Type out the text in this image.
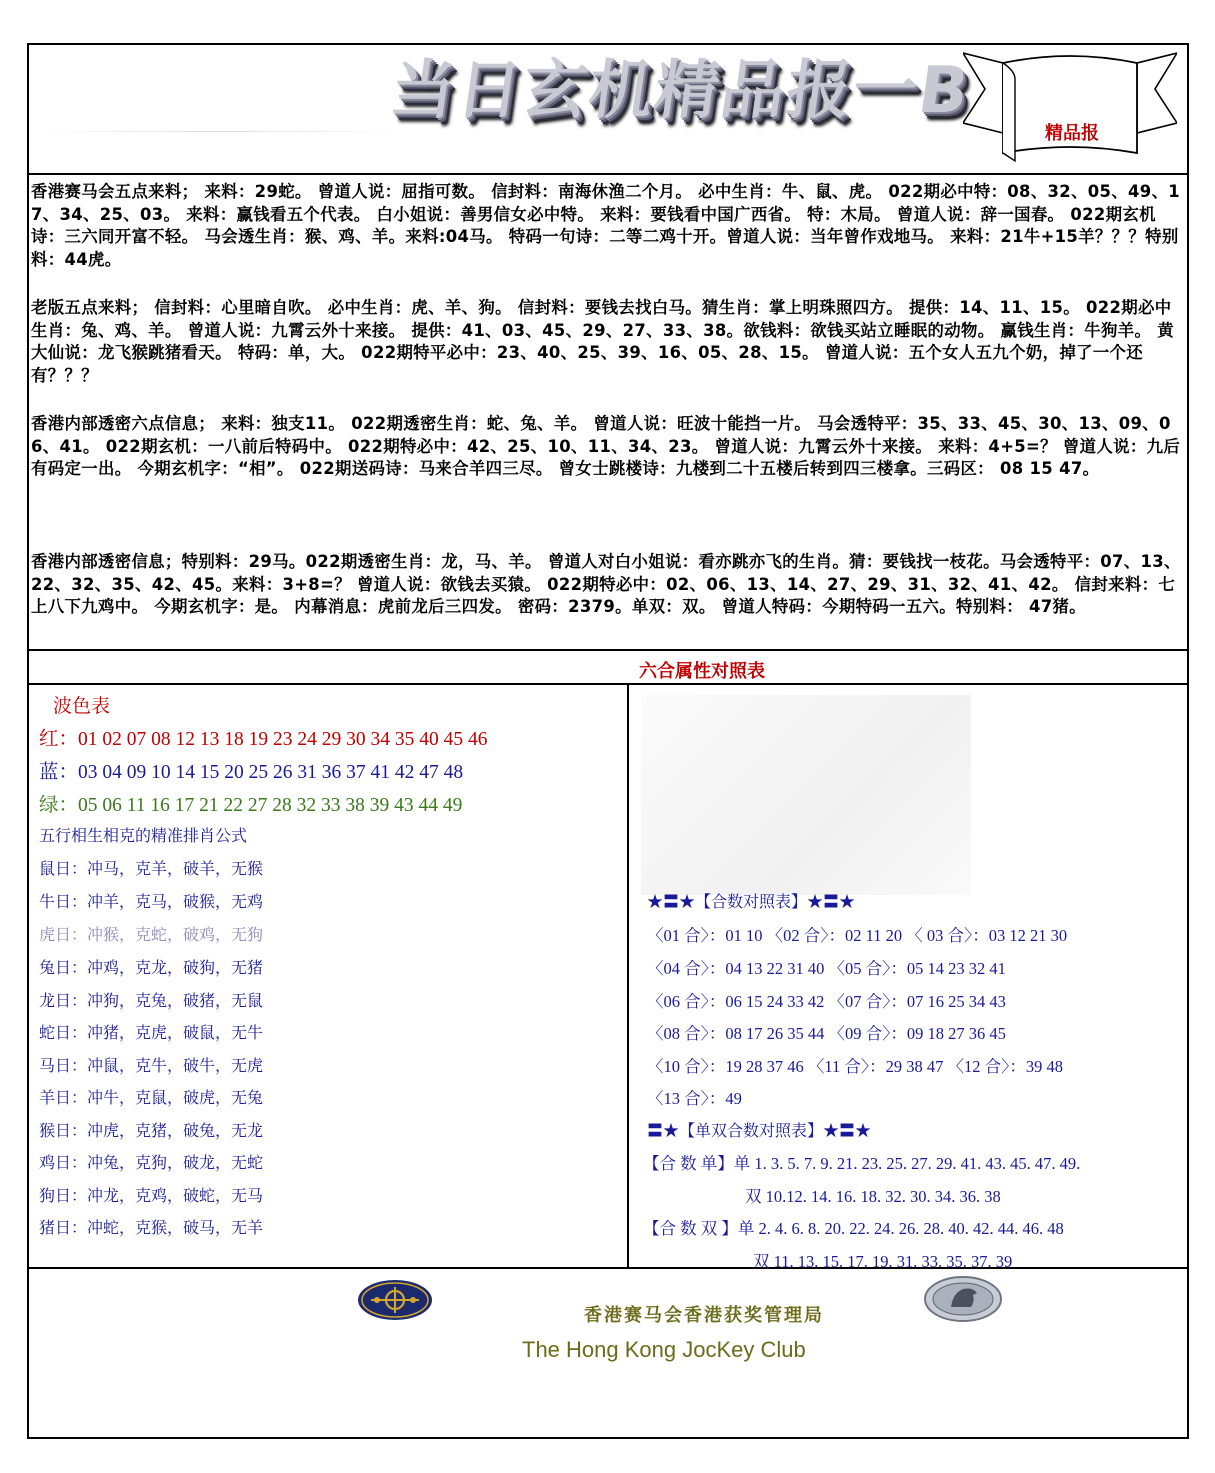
当日玄机精品报一B
精品报

香港赛马会五点来料； 来料：29蛇。 曾道人说：屈指可数。 信封料：南海休渔二个月。 必中生肖：牛、鼠、虎。 022期必中特：08、32、05、49、17、34、25、03。 来料：赢钱看五个代表。 白小姐说：善男信女必中特。 来料：要钱看中国广西省。 特：木局。 曾道人说：辞一国春。 022期玄机诗：三六同开富不轻。 马会透生肖：猴、鸡、羊。来料:04马。 特码一句诗：二等二鸡十开。曾道人说：当年曾作戏地马。 来料：21牛+15羊？？？特别料：44虎。

老版五点来料； 信封料：心里暗自吹。 必中生肖：虎、羊、狗。 信封料：要钱去找白马。猜生肖：掌上明珠照四方。 提供：14、11、15。 022期必中生肖：兔、鸡、羊。 曾道人说：九霄云外十来接。 提供：41、03、45、29、27、33、38。欲钱料：欲钱买站立睡眠的动物。 赢钱生肖：牛狗羊。 黄大仙说：龙飞猴跳猪看天。 特码：单，大。 022期特平必中：23、40、25、39、16、05、28、15。 曾道人说：五个女人五九个奶，掉了一个还有？？？

香港内部透密六点信息； 来料：独支11。 022期透密生肖：蛇、兔、羊。 曾道人说：旺波十能挡一片。 马会透特平：35、33、45、30、13、09、06、41。 022期玄机：一八前后特码中。 022期特必中：42、25、10、11、34、23。 曾道人说：九霄云外十来接。 来料：4+5=？ 曾道人说：九后有码定一出。 今期玄机字：“相”。 022期送码诗：马来合羊四三尽。 曾女士跳楼诗：九楼到二十五楼后转到四三楼拿。三码区： 08 15 47。

香港内部透密信息；特别料：29马。022期透密生肖：龙，马、羊。 曾道人对白小姐说：看亦跳亦飞的生肖。猜：要钱找一枝花。马会透特平：07、13、22、32、35、42、45。来料：3+8=？ 曾道人说：欲钱去买猿。 022期特必中：02、06、13、14、27、29、31、32、41、42。 信封来料：七上八下九鸡中。 今期玄机字：是。 内幕消息：虎前龙后三四发。 密码：2379。单双：双。 曾道人特码：今期特码一五六。特别料： 47猪。

六合属性对照表
波色表
红：01 02 07 08 12 13 18 19 23 24 29 30 34 35 40 45 46
蓝：03 04 09 10 14 15 20 25 26 31 36 37 41 42 47 48
绿：05 06 11 16 17 21 22 27 28 32 33 38 39 43 44 49
五行相生相克的精准排肖公式
鼠日：冲马，克羊，破羊，无猴
牛日：冲羊，克马，破猴，无鸡
虎日：冲猴，克蛇，破鸡，无狗
兔日：冲鸡，克龙，破狗，无猪
龙日：冲狗，克兔，破猪，无鼠
蛇日：冲猪，克虎，破鼠，无牛
马日：冲鼠，克牛，破牛，无虎
羊日：冲牛，克鼠，破虎，无兔
猴日：冲虎，克猪，破兔，无龙
鸡日：冲兔，克狗，破龙，无蛇
狗日：冲龙，克鸡，破蛇，无马
猪日：冲蛇，克猴，破马，无羊
★〓★【合数对照表】★〓★
〈01 合〉：01 10 〈02 合〉：02 11 20 〈 03 合〉：03 12 21 30
〈04 合〉：04 13 22 31 40 〈05 合〉：05 14 23 32 41
〈06 合〉：06 15 24 33 42 〈07 合〉：07 16 25 34 43
〈08 合〉：08 17 26 35 44 〈09 合〉：09 18 27 36 45
〈10 合〉：19 28 37 46 〈11 合〉：29 38 47 〈12 合〉：39 48
〈13 合〉：49
〓★【单双合数对照表】★〓★
【合 数 单】单 1. 3. 5. 7. 9. 21. 23. 25. 27. 29. 41. 43. 45. 47. 49.
双 10.12. 14. 16. 18. 32. 30. 34. 36. 38
【合 数 双 】单 2. 4. 6. 8. 20. 22. 24. 26. 28. 40. 42. 44. 46. 48
双 11. 13. 15. 17. 19. 31. 33. 35. 37. 39
香港赛马会香港获奖管理局
The Hong Kong JocKey Club
